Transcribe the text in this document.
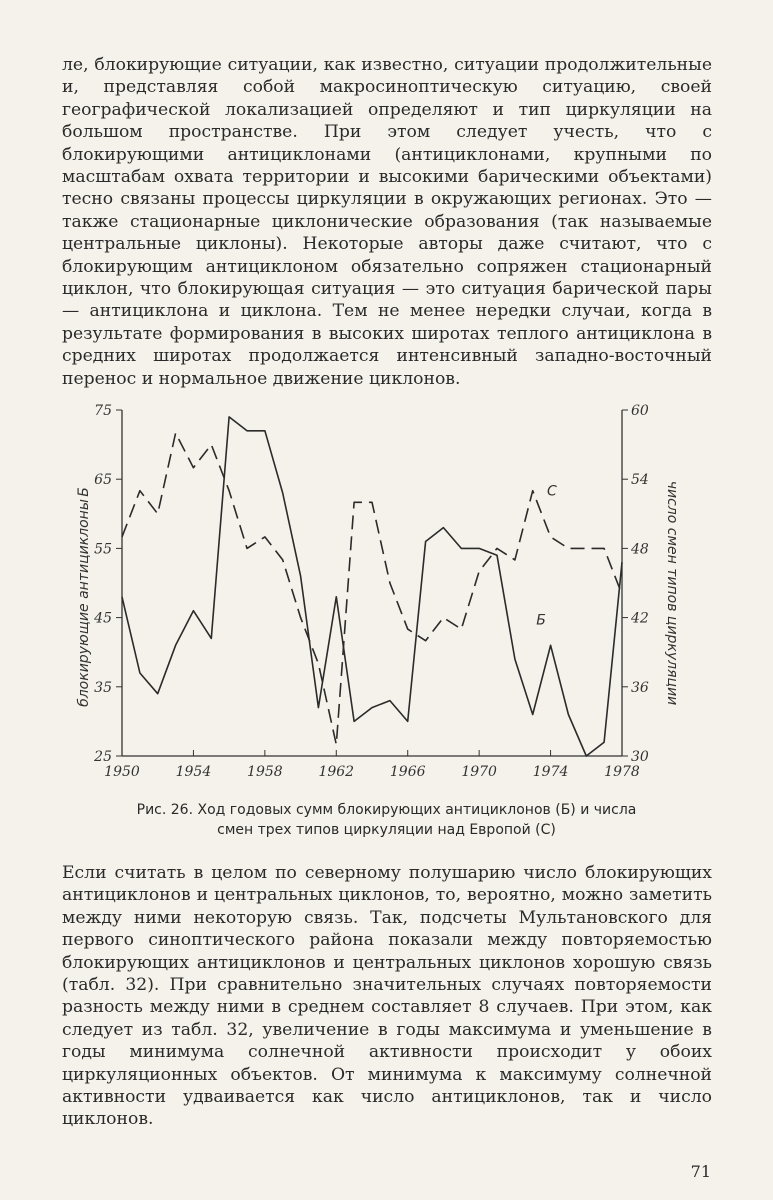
ле, блокирующие ситуации, как известно, ситуации продолжительные и, представляя собой макросиноптическую ситуацию, своей географической локализацией определяют и тип циркуляции на большом пространстве. При этом следует учесть, что с блокирующими антициклонами (антициклонами, крупными по масштабам охвата территории и высокими барическими объектами) тесно связаны процессы циркуляции в окружающих регионах. Это — также стационарные циклонические образования (так называемые центральные циклоны). Некоторые авторы даже считают, что с блокирующим антициклоном обязательно сопряжен стационарный циклон, что блокирующая ситуация — это ситуация барической пары — антициклона и циклона. Тем не менее нередки случаи, когда в результате формирования в высоких широтах теплого антициклона в средних широтах продолжается интенсивный западно-восточный перенос и нормальное движение циклонов.

25
35
45
55
65
75
30
36
42
48
54
60
1950	1954	1958	1962	1966	1970	1974	1978
блокирующие антициклоны
Б	число смен типов циркуляции
Б
С
Рис. 26. Ход годовых сумм блокирующих антициклонов (Б) и числа
смен трех типов циркуляции над Европой (С)

Если считать в целом по северному полушарию число блокирующих антициклонов и центральных циклонов, то, вероятно, можно заметить между ними некоторую связь. Так, подсчеты Мультановского для первого синоптического района показали между повторяемостью блокирующих антициклонов и центральных циклонов хорошую связь (табл. 32). При сравнительно значительных случаях повторяемости разность между ними в среднем составляет 8 случаев. При этом, как следует из табл. 32, увеличение в годы максимума и уменьшение в годы минимума солнечной активности происходит у обоих циркуляционных объектов. От минимума к максимуму солнечной активности удваивается как число антициклонов, так и число циклонов.

71
